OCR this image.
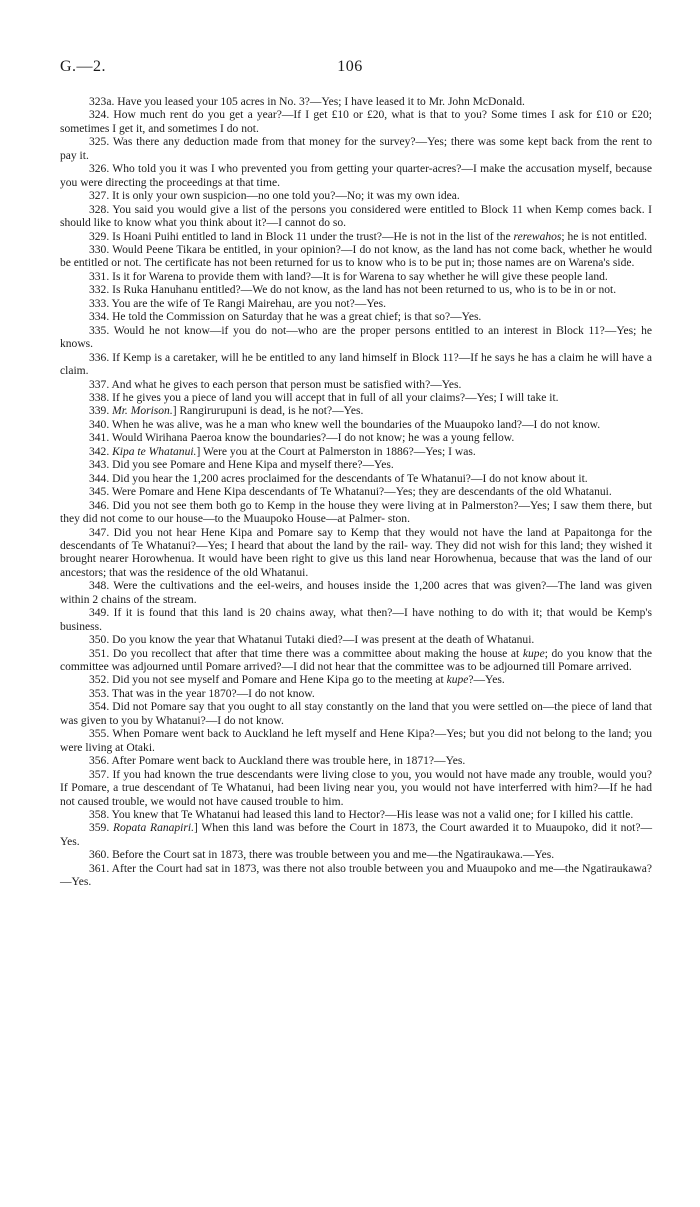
G.—2.	106

323a. Have you leased your 105 acres in No. 3?—Yes; I have leased it to Mr. John McDonald.

324. How much rent do you get a year?—If I get £10 or £20, what is that to you? Some times I ask for £10 or £20; sometimes I get it, and sometimes I do not.

325. Was there any deduction made from that money for the survey?—Yes; there was some kept back from the rent to pay it.

326. Who told you it was I who prevented you from getting your quarter-acres?—I make the accusation myself, because you were directing the proceedings at that time.

327. It is only your own suspicion—no one told you?—No; it was my own idea.

328. You said you would give a list of the persons you considered were entitled to Block 11 when Kemp comes back. I should like to know what you think about it?—I cannot do so.

329. Is Hoani Puihi entitled to land in Block 11 under the trust?—He is not in the list of the rerewahos; he is not entitled.

330. Would Peene Tikara be entitled, in your opinion?—I do not know, as the land has not come back, whether he would be entitled or not. The certificate has not been returned for us to know who is to be put in; those names are on Warena's side.

331. Is it for Warena to provide them with land?—It is for Warena to say whether he will give these people land.

332. Is Ruka Hanuhanu entitled?—We do not know, as the land has not been returned to us, who is to be in or not.

333. You are the wife of Te Rangi Mairehau, are you not?—Yes.

334. He told the Commission on Saturday that he was a great chief; is that so?—Yes.

335. Would he not know—if you do not—who are the proper persons entitled to an interest in Block 11?—Yes; he knows.

336. If Kemp is a caretaker, will he be entitled to any land himself in Block 11?—If he says he has a claim he will have a claim.

337. And what he gives to each person that person must be satisfied with?—Yes.

338. If he gives you a piece of land you will accept that in full of all your claims?—Yes; I will take it.

339. Mr. Morison.] Rangirurupuni is dead, is he not?—Yes.

340. When he was alive, was he a man who knew well the boundaries of the Muaupoko land?—I do not know.

341. Would Wirihana Paeroa know the boundaries?—I do not know; he was a young fellow.

342. Kipa te Whatanui.] Were you at the Court at Palmerston in 1886?—Yes; I was.

343. Did you see Pomare and Hene Kipa and myself there?—Yes.

344. Did you hear the 1,200 acres proclaimed for the descendants of Te Whatanui?—I do not know about it.

345. Were Pomare and Hene Kipa descendants of Te Whatanui?—Yes; they are descendants of the old Whatanui.

346. Did you not see them both go to Kemp in the house they were living at in Palmerston?—Yes; I saw them there, but they did not come to our house—to the Muaupoko House—at Palmer- ston.

347. Did you not hear Hene Kipa and Pomare say to Kemp that they would not have the land at Papaitonga for the descendants of Te Whatanui?—Yes; I heard that about the land by the rail- way. They did not wish for this land; they wished it brought nearer Horowhenua. It would have been right to give us this land near Horowhenua, because that was the land of our ancestors; that was the residence of the old Whatanui.

348. Were the cultivations and the eel-weirs, and houses inside the 1,200 acres that was given?—The land was given within 2 chains of the stream.

349. If it is found that this land is 20 chains away, what then?—I have nothing to do with it; that would be Kemp's business.

350. Do you know the year that Whatanui Tutaki died?—I was present at the death of Whatanui.

351. Do you recollect that after that time there was a committee about making the house at kupe; do you know that the committee was adjourned until Pomare arrived?—I did not hear that the committee was to be adjourned till Pomare arrived.

352. Did you not see myself and Pomare and Hene Kipa go to the meeting at kupe?—Yes.

353. That was in the year 1870?—I do not know.

354. Did not Pomare say that you ought to all stay constantly on the land that you were settled on—the piece of land that was given to you by Whatanui?—I do not know.

355. When Pomare went back to Auckland he left myself and Hene Kipa?—Yes; but you did not belong to the land; you were living at Otaki.

356. After Pomare went back to Auckland there was trouble here, in 1871?—Yes.

357. If you had known the true descendants were living close to you, you would not have made any trouble, would you? If Pomare, a true descendant of Te Whatanui, had been living near you, you would not have interferred with him?—If he had not caused trouble, we would not have caused trouble to him.

358. You knew that Te Whatanui had leased this land to Hector?—His lease was not a valid one; for I killed his cattle.

359. Ropata Ranapiri.] When this land was before the Court in 1873, the Court awarded it to Muaupoko, did it not?—Yes.

360. Before the Court sat in 1873, there was trouble between you and me—the Ngatiraukawa.—Yes.

361. After the Court had sat in 1873, was there not also trouble between you and Muaupoko and me—the Ngatiraukawa?—Yes.
